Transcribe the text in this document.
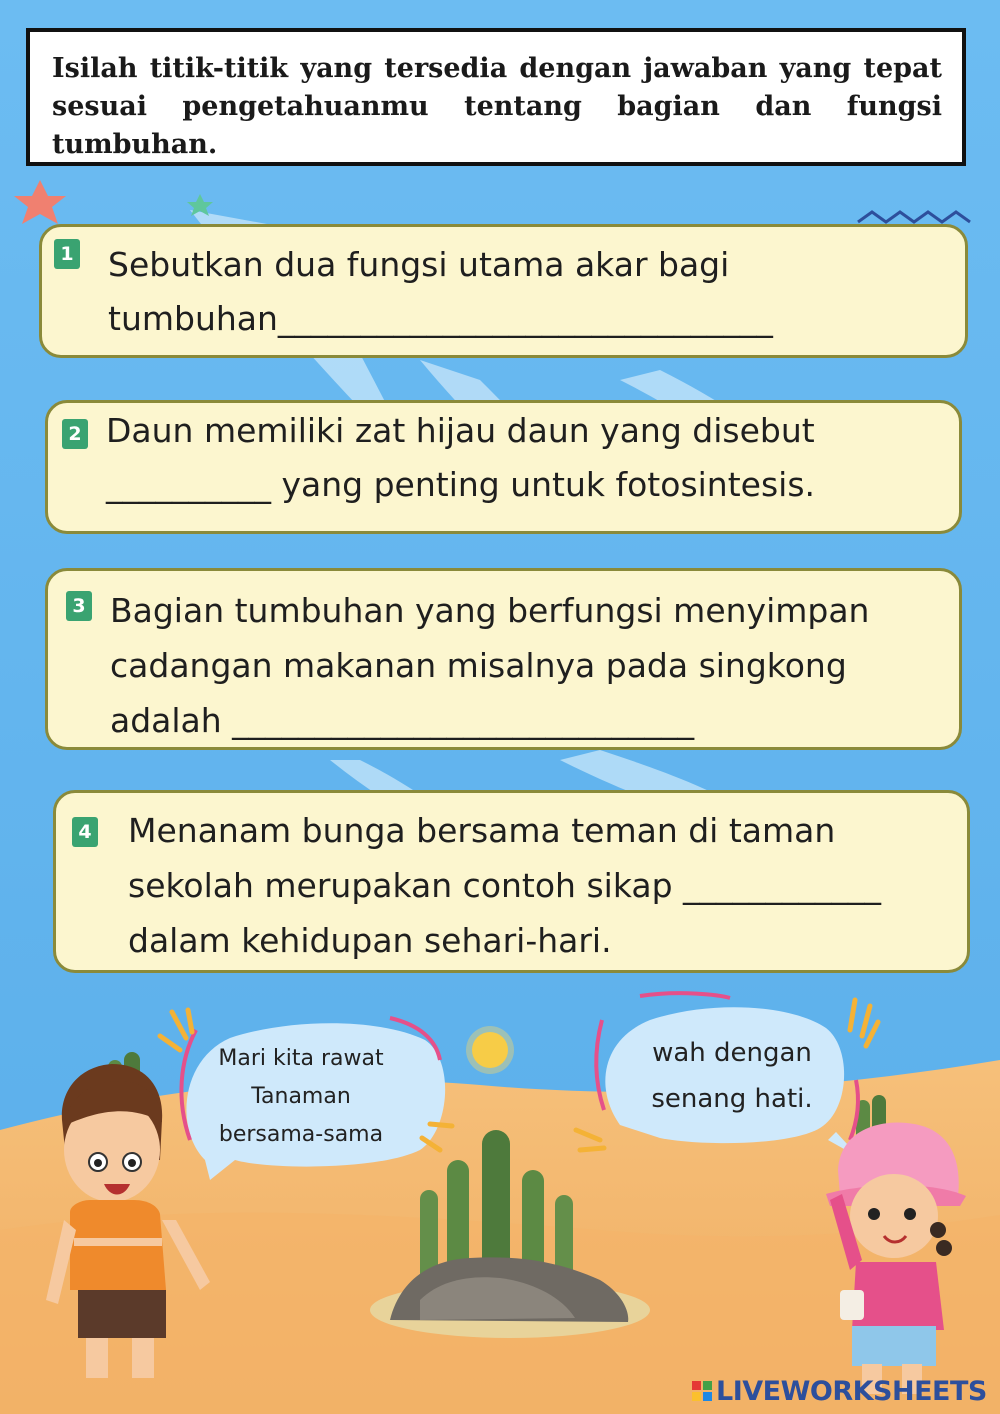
Isilah titik-titik yang tersedia dengan jawaban yang tepat sesuai pengetahuanmu tentang bagian dan fungsi tumbuhan.
1 Sebutkan dua fungsi utama akar bagi
tumbuhan______________________________
2 Daun memiliki zat hijau daun yang disebut
__________ yang penting untuk fotosintesis.
3 Bagian tumbuhan yang berfungsi menyimpan
cadangan makanan misalnya pada singkong
adalah ____________________________
4 Menanam bunga bersama teman di taman
sekolah merupakan contoh sikap ____________
dalam kehidupan sehari-hari.
Mari kita rawat
Tanaman
bersama-sama
wah dengan
senang hati.
LIVEWORKSHEETS
